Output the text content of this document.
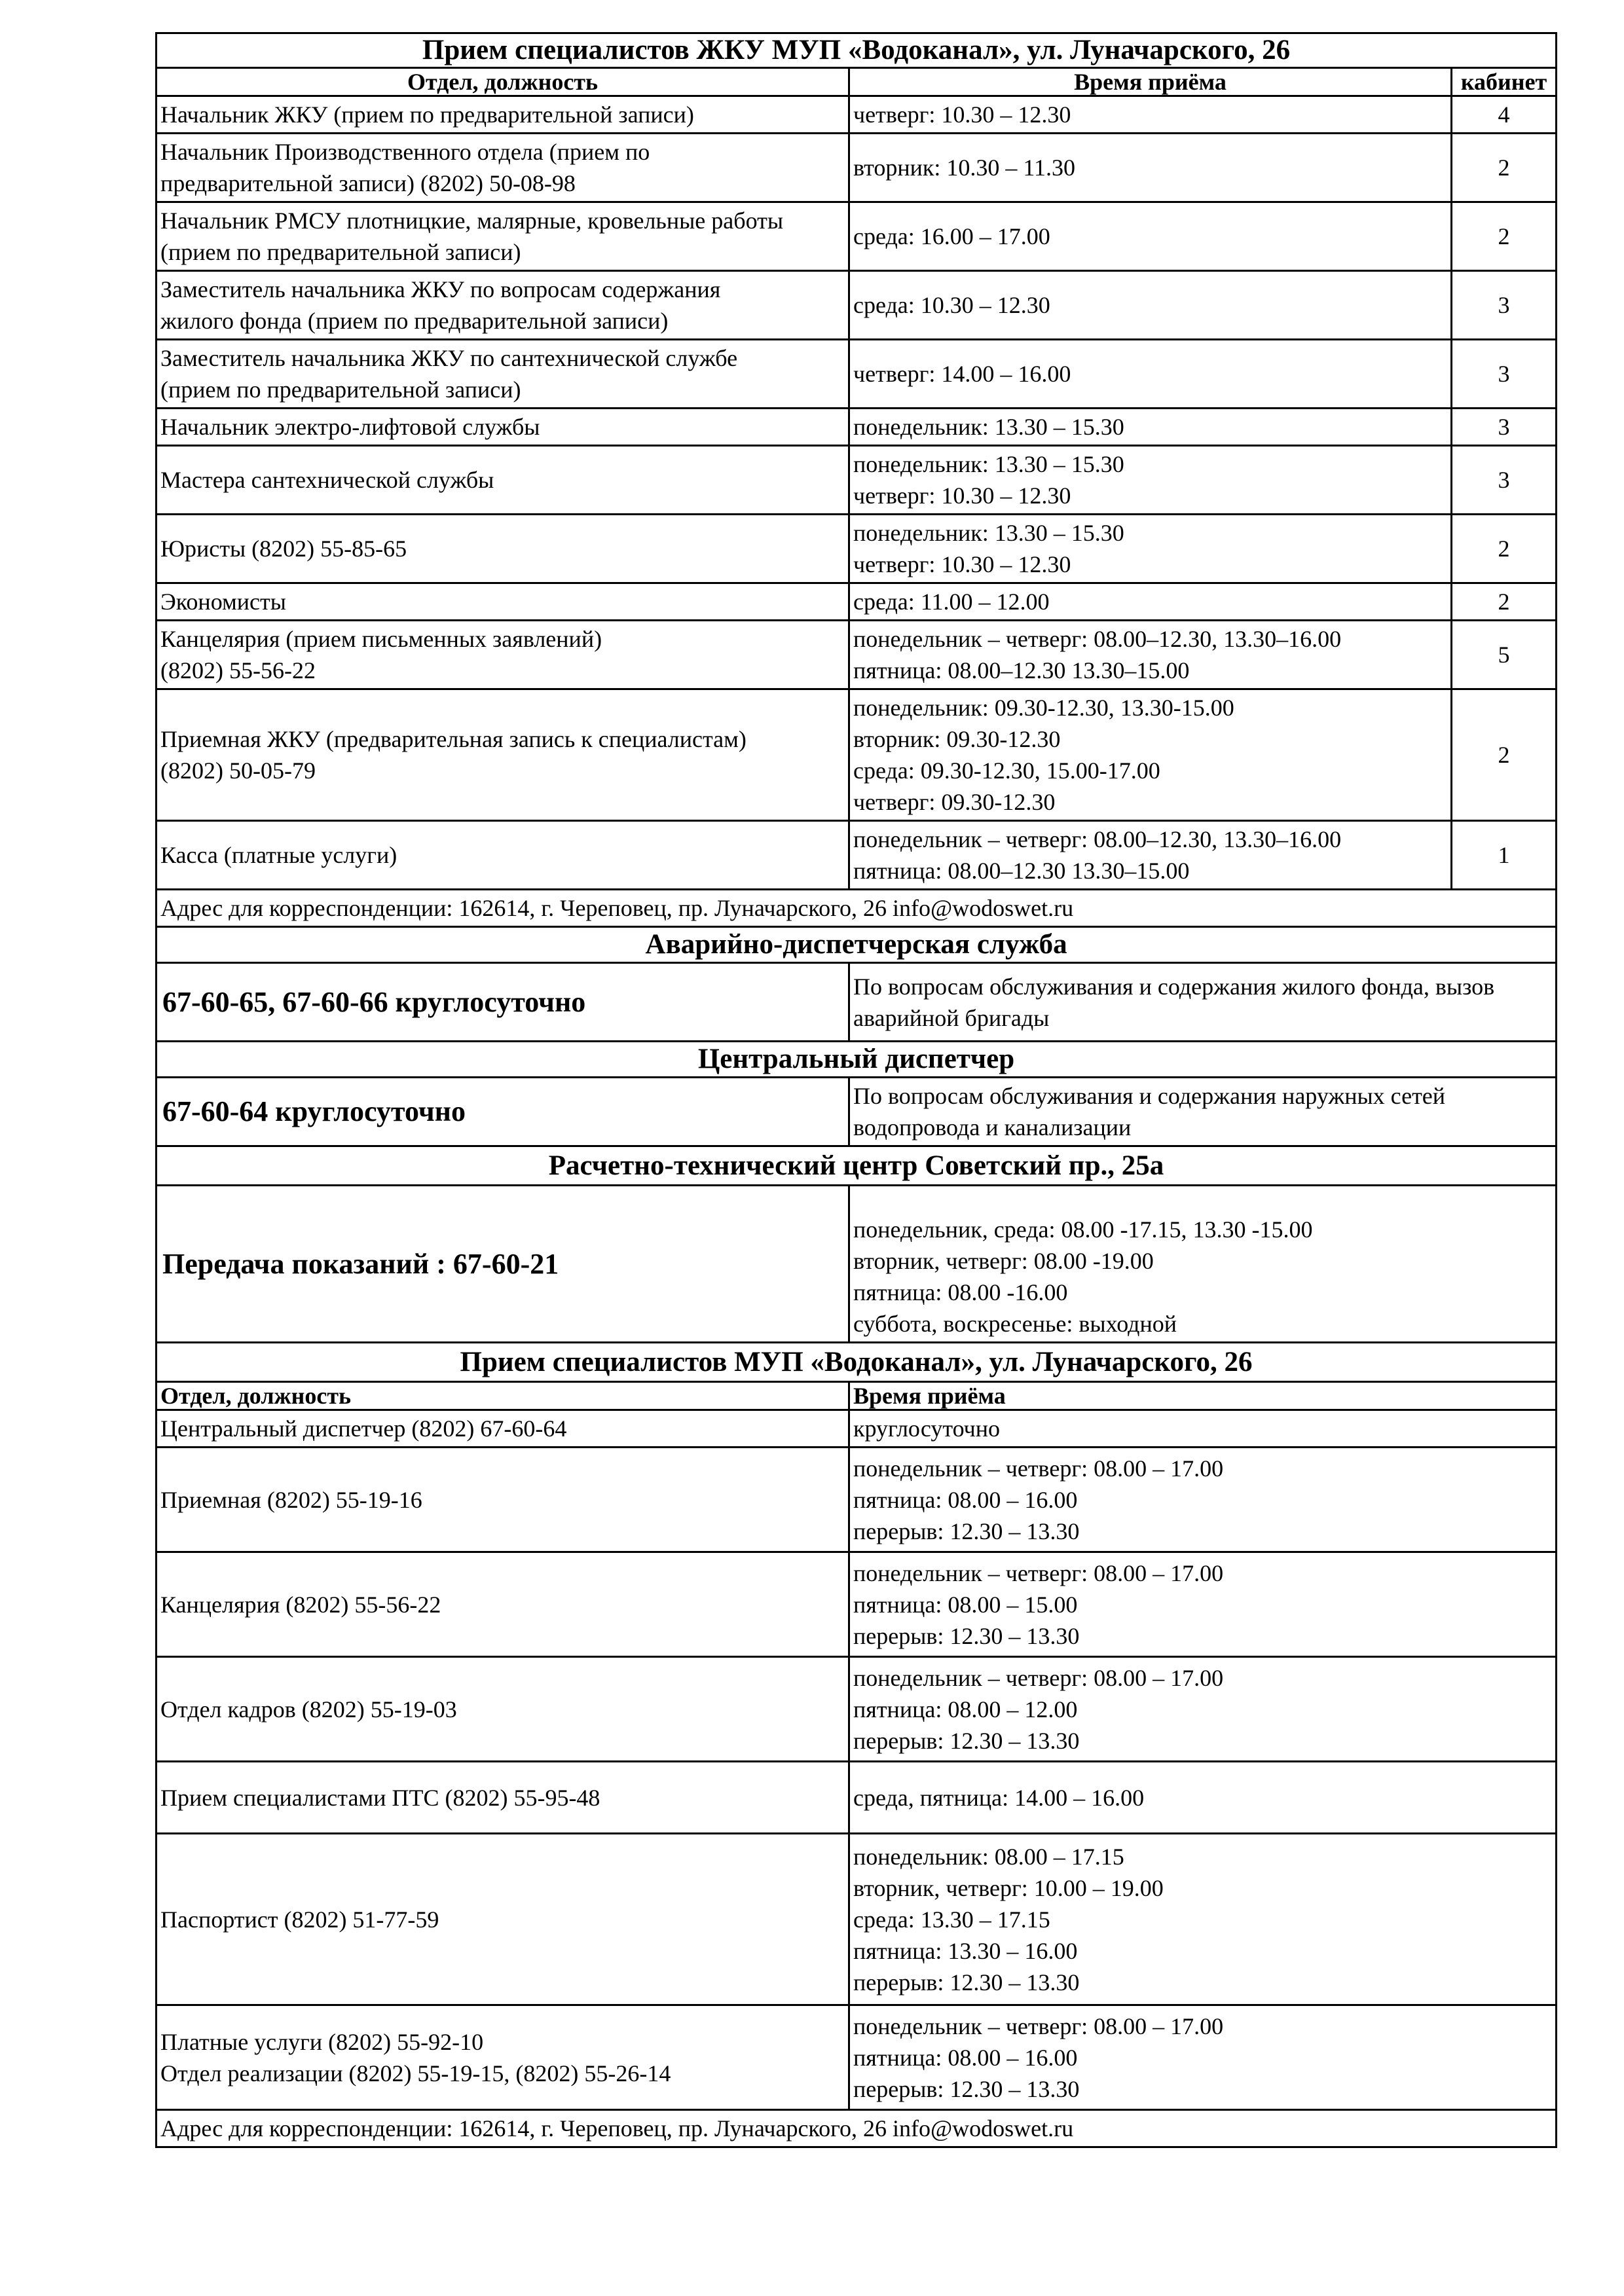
Прием специалистов ЖКУ МУП «Водоканал», ул. Луначарского, 26		
Отдел, должность	Время приёма	кабинет

Начальник ЖКУ (прием по предварительной записи)	четверг: 10.30 – 12.30	4

Начальник Производственного отдела (прием по
предварительной записи) (8202) 50-08-98	вторник: 10.30 – 11.30	2

Начальник РМСУ плотницкие, малярные, кровельные работы
(прием по предварительной записи)	среда: 16.00 – 17.00	2

Заместитель начальника ЖКУ по вопросам содержания
жилого фонда (прием по предварительной записи)	среда: 10.30 – 12.30	3

Заместитель начальника ЖКУ по сантехнической службе
(прием по предварительной записи)	четверг: 14.00 – 16.00	3

Начальник электро-лифтовой службы	понедельник: 13.30 – 15.30	3

Мастера сантехнической службы	понедельник: 13.30 – 15.30
четверг: 10.30 – 12.30	3

Юристы (8202) 55-85-65	понедельник: 13.30 – 15.30
четверг: 10.30 – 12.30	2

Экономисты	среда: 11.00 – 12.00	2

Канцелярия (прием письменных заявлений)
(8202) 55-56-22	понедельник – четверг: 08.00–12.30, 13.30–16.00
пятница: 08.00–12.30 13.30–15.00	5

Приемная ЖКУ (предварительная запись к специалистам)
(8202) 50-05-79	понедельник: 09.30-12.30, 13.30-15.00
вторник: 09.30-12.30
среда: 09.30-12.30, 15.00-17.00
четверг: 09.30-12.30	2

Касса (платные услуги)	понедельник – четверг: 08.00–12.30, 13.30–16.00
пятница: 08.00–12.30 13.30–15.00	1
Адрес для корреспонденции: 162614, г. Череповец, пр. Луначарского, 26 info@wodoswet.ru		
Аварийно-диспетчерская служба		
67-60-65, 67-60-66 круглосуточно	По вопросам обслуживания и содержания жилого фонда, вызов
аварийной бригады	

Центральный диспетчер		
67-60-64 круглосуточно	По вопросам обслуживания и содержания наружных сетей
водопровода и канализации	

Расчетно-технический центр Советский пр., 25а		
Передача показаний : 67-60-21	понедельник, среда: 08.00 -17.15, 13.30 -15.00
вторник, четверг: 08.00 -19.00
пятница: 08.00 -16.00
суббота, воскресенье: выходной	

Прием специалистов МУП «Водоканал», ул. Луначарского, 26		
Отдел, должность	Время приёма	

Центральный диспетчер (8202) 67-60-64	круглосуточно	

Приемная (8202) 55-19-16	понедельник – четверг: 08.00 – 17.00
пятница: 08.00 – 16.00
перерыв: 12.30 – 13.30	

Канцелярия (8202) 55-56-22	понедельник – четверг: 08.00 – 17.00
пятница: 08.00 – 15.00
перерыв: 12.30 – 13.30	

Отдел кадров (8202) 55-19-03	понедельник – четверг: 08.00 – 17.00
пятница: 08.00 – 12.00
перерыв: 12.30 – 13.30	

Прием специалистами ПТС (8202) 55-95-48	среда, пятница: 14.00 – 16.00	

Паспортист (8202) 51-77-59	понедельник: 08.00 – 17.15
вторник, четверг: 10.00 – 19.00
среда: 13.30 – 17.15
пятница: 13.30 – 16.00
перерыв: 12.30 – 13.30	

Платные услуги (8202) 55-92-10
Отдел реализации (8202) 55-19-15, (8202) 55-26-14	понедельник – четверг: 08.00 – 17.00
пятница: 08.00 – 16.00
перерыв: 12.30 – 13.30	

Адрес для корреспонденции: 162614, г. Череповец, пр. Луначарского, 26 info@wodoswet.ru		
